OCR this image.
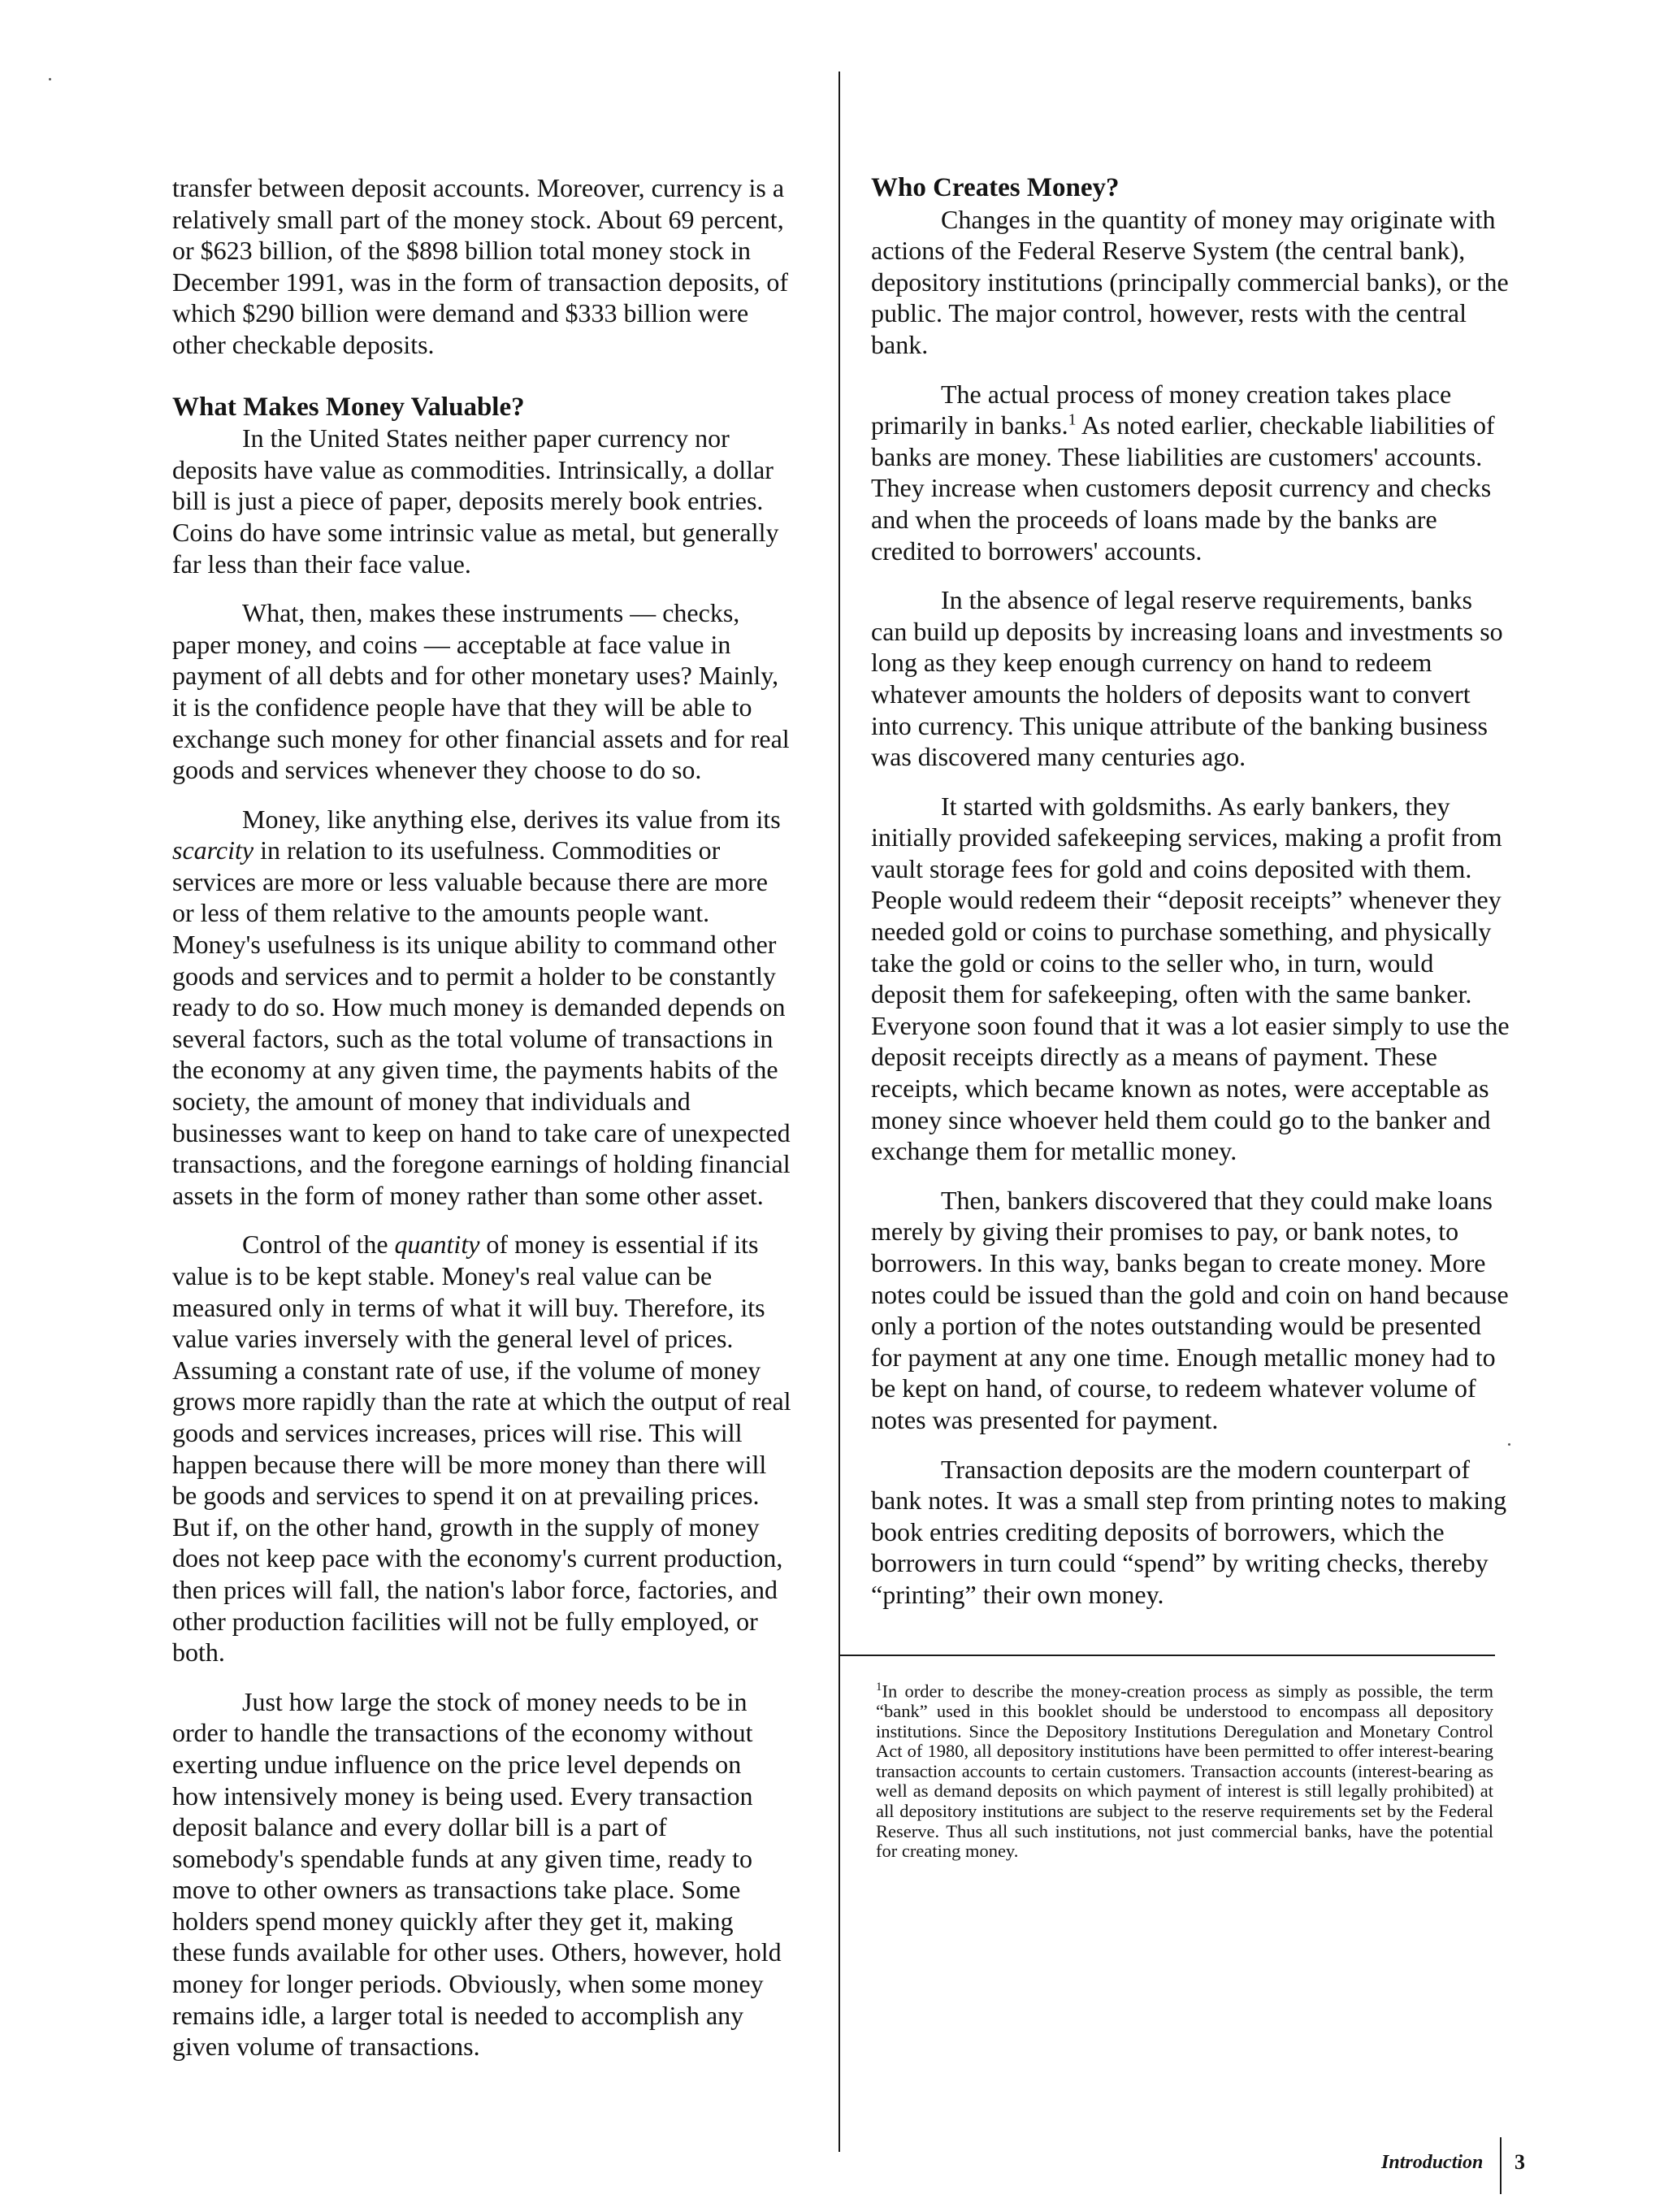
transfer between deposit accounts. Moreover, currency is a relatively small part of the money stock. About 69 percent, or $623 billion, of the $898 billion total money stock in December 1991, was in the form of transaction deposits, of which $290 billion were demand and $333 billion were other checkable deposits.

What Makes Money Valuable?

In the United States neither paper currency nor deposits have value as commodities. Intrinsically, a dollar bill is just a piece of paper, deposits merely book entries. Coins do have some intrinsic value as metal, but generally far less than their face value.

What, then, makes these instruments — checks, paper money, and coins — acceptable at face value in payment of all debts and for other monetary uses? Mainly, it is the confidence people have that they will be able to exchange such money for other financial assets and for real goods and services whenever they choose to do so.

Money, like anything else, derives its value from its scarcity in relation to its usefulness. Commodities or services are more or less valuable because there are more or less of them relative to the amounts people want. Money's usefulness is its unique ability to command other goods and services and to permit a holder to be constantly ready to do so. How much money is demanded depends on several factors, such as the total volume of transactions in the economy at any given time, the payments habits of the society, the amount of money that individuals and businesses want to keep on hand to take care of unexpected transactions, and the foregone earnings of holding financial assets in the form of money rather than some other asset.

Control of the quantity of money is essential if its value is to be kept stable. Money's real value can be measured only in terms of what it will buy. Therefore, its value varies inversely with the general level of prices. Assuming a constant rate of use, if the volume of money grows more rapidly than the rate at which the output of real goods and services increases, prices will rise. This will happen because there will be more money than there will be goods and services to spend it on at prevailing prices. But if, on the other hand, growth in the supply of money does not keep pace with the economy's current production, then prices will fall, the nation's labor force, factories, and other production facilities will not be fully employed, or both.

Just how large the stock of money needs to be in order to handle the transactions of the economy without exerting undue influence on the price level depends on how intensively money is being used. Every transaction deposit balance and every dollar bill is a part of somebody's spendable funds at any given time, ready to move to other owners as transactions take place. Some holders spend money quickly after they get it, making these funds available for other uses. Others, however, hold money for longer periods. Obviously, when some money remains idle, a larger total is needed to accomplish any given volume of transactions.

Who Creates Money?

Changes in the quantity of money may originate with actions of the Federal Reserve System (the central bank), depository institutions (principally commercial banks), or the public. The major control, however, rests with the central bank.

The actual process of money creation takes place primarily in banks.$^1$ As noted earlier, checkable liabilities of banks are money. These liabilities are customers' accounts. They increase when customers deposit currency and checks and when the proceeds of loans made by the banks are credited to borrowers' accounts.

In the absence of legal reserve requirements, banks can build up deposits by increasing loans and investments so long as they keep enough currency on hand to redeem whatever amounts the holders of deposits want to convert into currency. This unique attribute of the banking business was discovered many centuries ago.

It started with goldsmiths. As early bankers, they initially provided safekeeping services, making a profit from vault storage fees for gold and coins deposited with them. People would redeem their “deposit receipts” whenever they needed gold or coins to purchase something, and physically take the gold or coins to the seller who, in turn, would deposit them for safekeeping, often with the same banker. Everyone soon found that it was a lot easier simply to use the deposit receipts directly as a means of payment. These receipts, which became known as notes, were acceptable as money since whoever held them could go to the banker and exchange them for metallic money.

Then, bankers discovered that they could make loans merely by giving their promises to pay, or bank notes, to borrowers. In this way, banks began to create money. More notes could be issued than the gold and coin on hand because only a portion of the notes outstanding would be presented for payment at any one time. Enough metallic money had to be kept on hand, of course, to redeem whatever volume of notes was presented for payment.

Transaction deposits are the modern counterpart of bank notes. It was a small step from printing notes to making book entries crediting deposits of borrowers, which the borrowers in turn could “spend” by writing checks, thereby “printing” their own money.

$^1$In order to describe the money-creation process as simply as possible, the term “bank” used in this booklet should be understood to encompass all depository institutions. Since the Depository Institutions Deregulation and Monetary Control Act of 1980, all depository institutions have been permitted to offer interest-bearing transaction accounts to certain customers. Transaction accounts (interest-bearing as well as demand deposits on which payment of interest is still legally prohibited) at all depository institutions are subject to the reserve requirements set by the Federal Reserve. Thus all such institutions, not just commercial banks, have the potential for creating money.
Introduction 3
